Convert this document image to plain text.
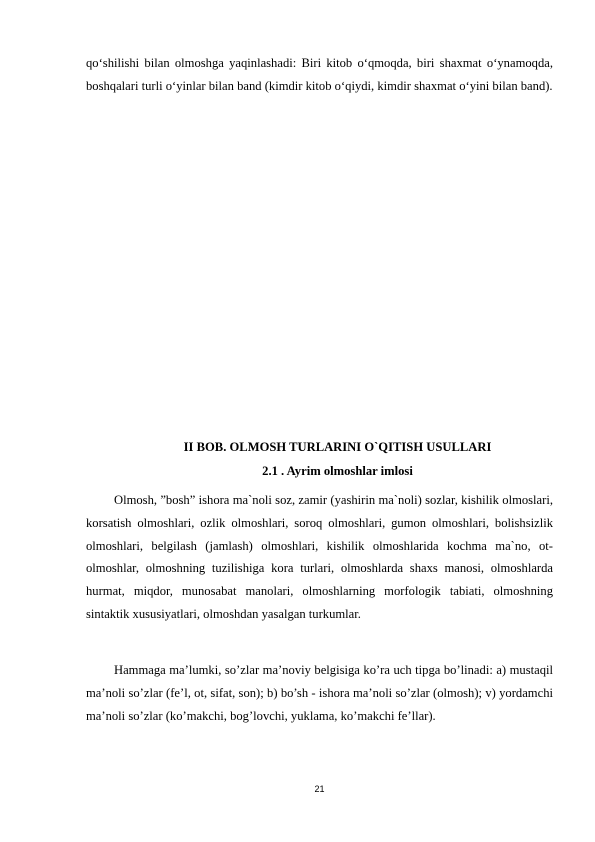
qo‘shilishi bilan olmoshga yaqinlashadi: Biri kitob o‘qmoqda, biri shaxmat o‘ynamoqda, boshqalari turli o‘yinlar bilan band (kimdir kitob o‘qiydi, kimdir shaxmat o‘yini bilan band).

II BOB. OLMOSH TURLARINI O`QITISH USULLARI
2.1 . Ayrim olmoshlar imlosi

Olmosh, ”bosh” ishora ma`noli soz, zamir (yashirin ma`noli) sozlar, kishilik olmoslari, korsatish olmoshlari, ozlik olmoshlari, soroq olmoshlari, gumon olmoshlari, bolishsizlik olmoshlari, belgilash (jamlash) olmoshlari, kishilik olmoshlarida kochma ma`no, ot-olmoshlar, olmoshning tuzilishiga kora turlari, olmoshlarda shaxs manosi, olmoshlarda hurmat, miqdor, munosabat manolari, olmoshlarning morfologik tabiati, olmoshning sintaktik xususiyatlari, olmoshdan yasalgan turkumlar.

Hammaga ma’lumki, so’zlar ma’noviy belgisiga ko’ra uch tipga bo’linadi: a) mustaqil ma’noli so’zlar (fe’l, ot, sifat, son); b) bo’sh - ishora ma’noli so’zlar (olmosh); v) yordamchi ma’noli so’zlar (ko’makchi, bog’lovchi, yuklama, ko’makchi fe’llar).

21
